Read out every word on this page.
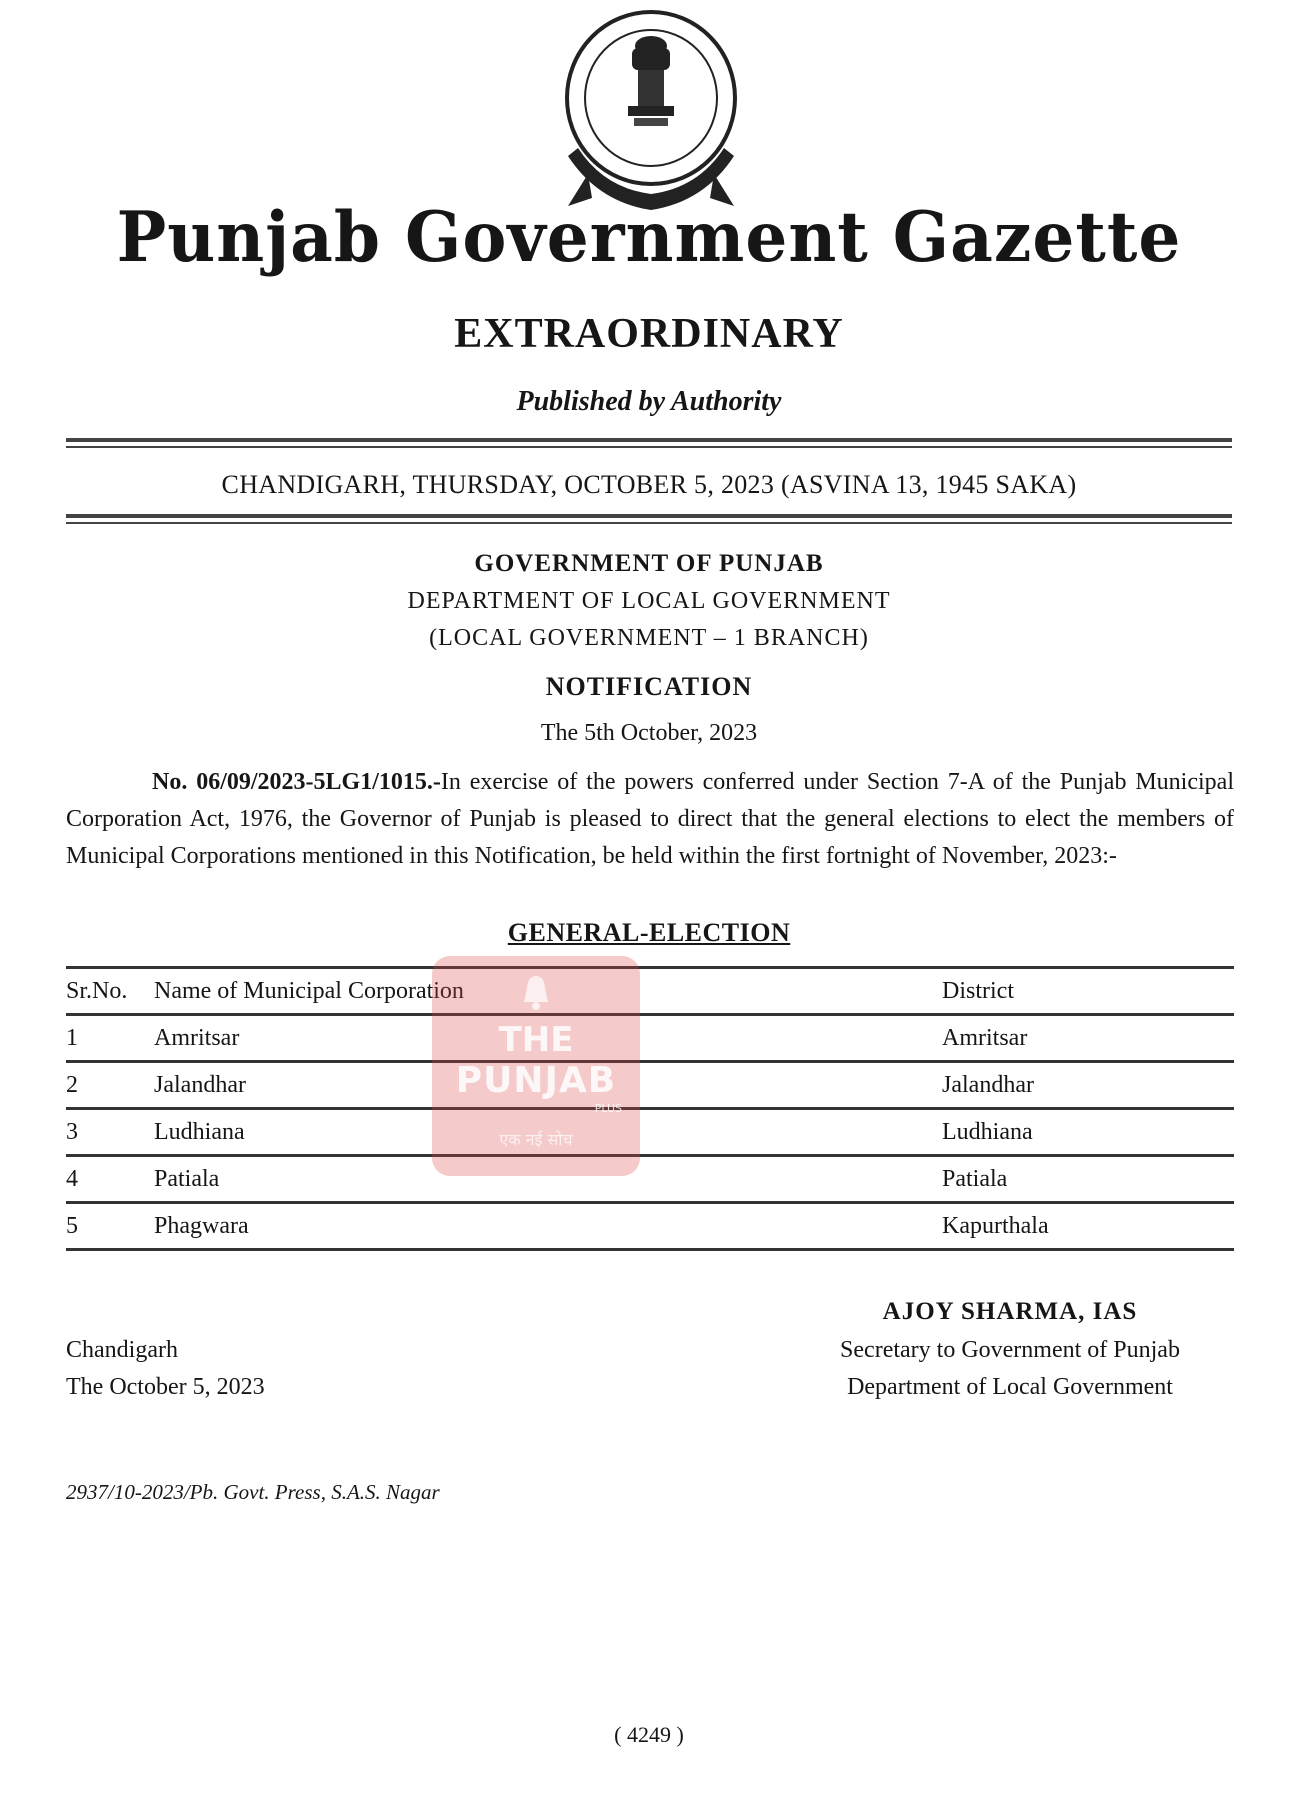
Punjab Government Gazette
EXTRAORDINARY
Published by Authority
CHANDIGARH, THURSDAY, OCTOBER 5, 2023 (ASVINA 13, 1945 SAKA)
GOVERNMENT OF PUNJAB
DEPARTMENT OF LOCAL GOVERNMENT
(LOCAL GOVERNMENT – 1 BRANCH)
NOTIFICATION
The 5th October, 2023
No. 06/09/2023-5LG1/1015.-In exercise of the powers conferred under Section 7-A of the Punjab Municipal Corporation Act, 1976, the Governor of Punjab is pleased to direct that the general elections to elect the members of Municipal Corporations mentioned in this Notification, be held within the first fortnight of November, 2023:-
GENERAL-ELECTION
Sr.No.	Name of Municipal Corporation	District
1	Amritsar	Amritsar
2	Jalandhar	Jalandhar
3	Ludhiana	Ludhiana
4	Patiala	Patiala
5	Phagwara	Kapurthala
THE
PUNJAB
PLUS
एक नई सोच
AJOY SHARMA, IAS
Secretary to Government of Punjab
Department of Local Government
Chandigarh
The October 5, 2023
2937/10-2023/Pb. Govt. Press, S.A.S. Nagar
( 4249 )
